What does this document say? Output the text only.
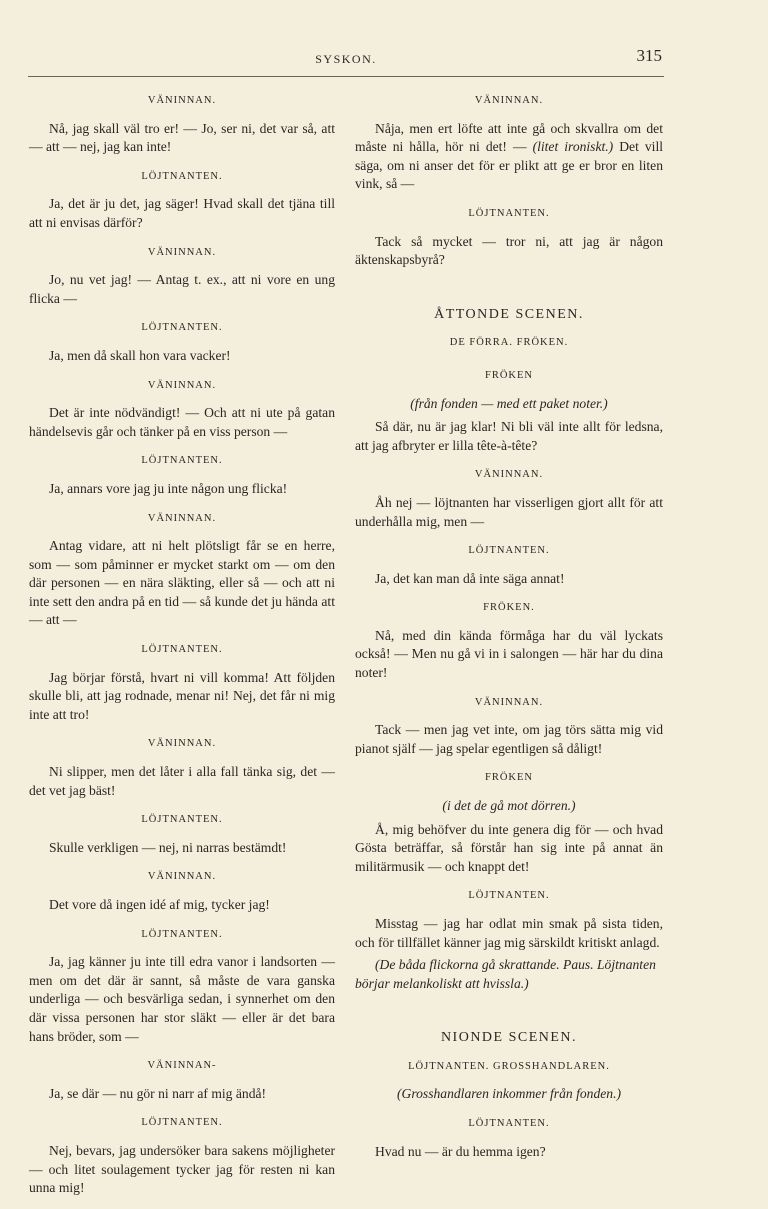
SYSKON.	315
VÄNINNAN.

Nå, jag skall väl tro er! — Jo, ser ni, det var så, att — att — nej, jag kan inte!

LÖJTNANTEN.

Ja, det är ju det, jag säger! Hvad skall det tjäna till att ni envisas därför?

VÄNINNAN.

Jo, nu vet jag! — Antag t. ex., att ni vore en ung flicka —

LÖJTNANTEN.

Ja, men då skall hon vara vacker!

VÄNINNAN.

Det är inte nödvändigt! — Och att ni ute på gatan händelsevis går och tänker på en viss person —

LÖJTNANTEN.

Ja, annars vore jag ju inte någon ung flicka!

VÄNINNAN.

Antag vidare, att ni helt plötsligt får se en herre, som — som påminner er mycket starkt om — om den där personen — en nära släkting, eller så — och att ni inte sett den andra på en tid — så kunde det ju hända att — att —

LÖJTNANTEN.

Jag börjar förstå, hvart ni vill komma! Att följden skulle bli, att jag rodnade, menar ni! Nej, det får ni mig inte att tro!

VÄNINNAN.

Ni slipper, men det låter i alla fall tänka sig, det — det vet jag bäst!

LÖJTNANTEN.

Skulle verkligen — nej, ni narras bestämdt!

VÄNINNAN.

Det vore då ingen idé af mig, tycker jag!

LÖJTNANTEN.

Ja, jag känner ju inte till edra vanor i landsorten — men om det där är sannt, så måste de vara ganska underliga — och besvärliga sedan, i synnerhet om den där vissa personen har stor släkt — eller är det bara hans bröder, som —

VÄNINNAN-

Ja, se där — nu gör ni narr af mig ändå!

LÖJTNANTEN.

Nej, bevars, jag undersöker bara sakens möjligheter — och litet soulagement tycker jag för resten ni kan unna mig!

VÄNINNAN.

Nåja, men ert löfte att inte gå och skvallra om det måste ni hålla, hör ni det! — (litet ironiskt.) Det vill säga, om ni anser det för er plikt att ge er bror en liten vink, så —

LÖJTNANTEN.

Tack så mycket — tror ni, att jag är någon äktenskapsbyrå?

ÅTTONDE SCENEN.
DE FÖRRA. FRÖKEN.
FRÖKEN
(från fonden — med ett paket noter.)

Så där, nu är jag klar! Ni bli väl inte allt för ledsna, att jag afbryter er lilla tête-à-tête?

VÄNINNAN.

Åh nej — löjtnanten har visserligen gjort allt för att underhålla mig, men —

LÖJTNANTEN.

Ja, det kan man då inte säga annat!

FRÖKEN.

Nå, med din kända förmåga har du väl lyckats också! — Men nu gå vi in i salongen — här har du dina noter!

VÄNINNAN.

Tack — men jag vet inte, om jag törs sätta mig vid pianot själf — jag spelar egentligen så dåligt!

FRÖKEN
(i det de gå mot dörren.)

Å, mig behöfver du inte genera dig för — och hvad Gösta beträffar, så förstår han sig inte på annat än militärmusik — och knappt det!

LÖJTNANTEN.

Misstag — jag har odlat min smak på sista tiden, och för tillfället känner jag mig särskildt kritiskt anlagd.

(De båda flickorna gå skrattande. Paus. Löjtnanten börjar melankoliskt att hvissla.)

NIONDE SCENEN.
LÖJTNANTEN. GROSSHANDLAREN.
(Grosshandlaren inkommer från fonden.)
LÖJTNANTEN.

Hvad nu — är du hemma igen?
